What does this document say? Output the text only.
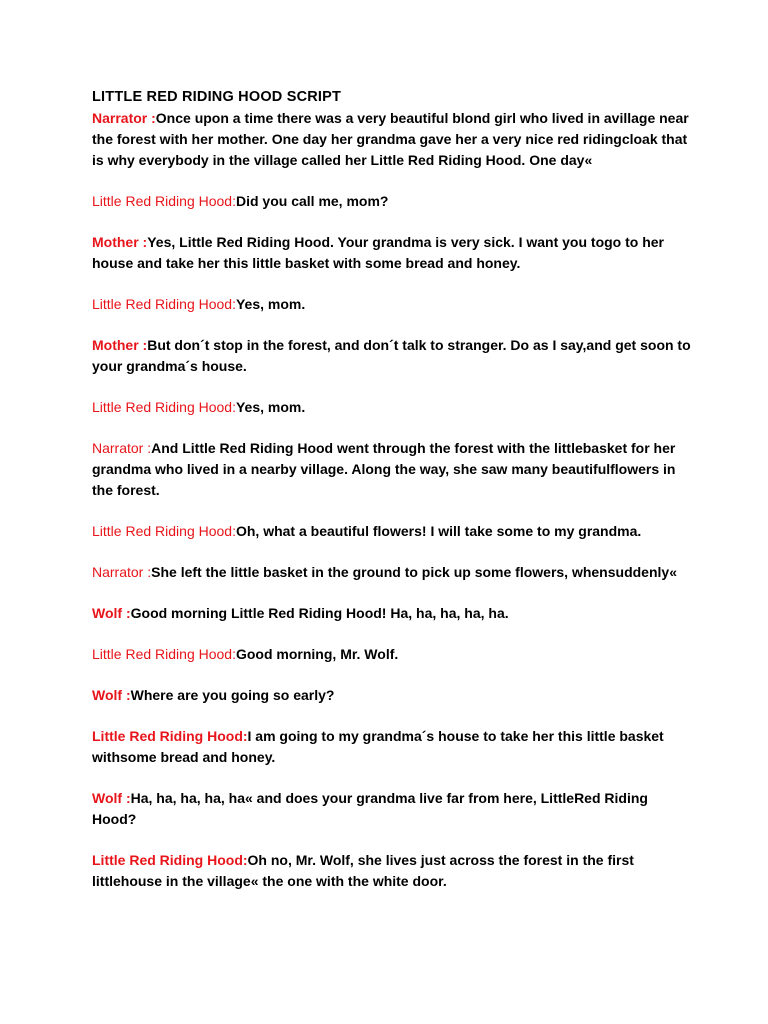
LITTLE RED RIDING HOOD SCRIPT

Narrator :Once upon a time there was a very beautiful blond girl who lived in avillage near the forest with her mother. One day her grandma gave her a very nice red ridingcloak that is why everybody in the village called her Little Red Riding Hood. One day«

Little Red Riding Hood:Did you call me, mom?

Mother :Yes, Little Red Riding Hood. Your grandma is very sick. I want you togo to her house and take her this little basket with some bread and honey.

Little Red Riding Hood:Yes, mom.

Mother :But don´t stop in the forest, and don´t talk to stranger. Do as I say,and get soon to your grandma´s house.

Little Red Riding Hood:Yes, mom.

Narrator :And Little Red Riding Hood went through the forest with the littlebasket for her grandma who lived in a nearby village. Along the way, she saw many beautifulflowers in the forest.

Little Red Riding Hood:Oh, what a beautiful flowers! I will take some to my grandma.

Narrator :She left the little basket in the ground to pick up some flowers, whensuddenly«

Wolf :Good morning Little Red Riding Hood! Ha, ha, ha, ha, ha.

Little Red Riding Hood:Good morning, Mr. Wolf.

Wolf :Where are you going so early?

Little Red Riding Hood:I am going to my grandma´s house to take her this little basket withsome bread and honey.

Wolf :Ha, ha, ha, ha, ha« and does your grandma live far from here, LittleRed Riding Hood?

Little Red Riding Hood:Oh no, Mr. Wolf, she lives just across the forest in the first littlehouse in the village« the one with the white door.
